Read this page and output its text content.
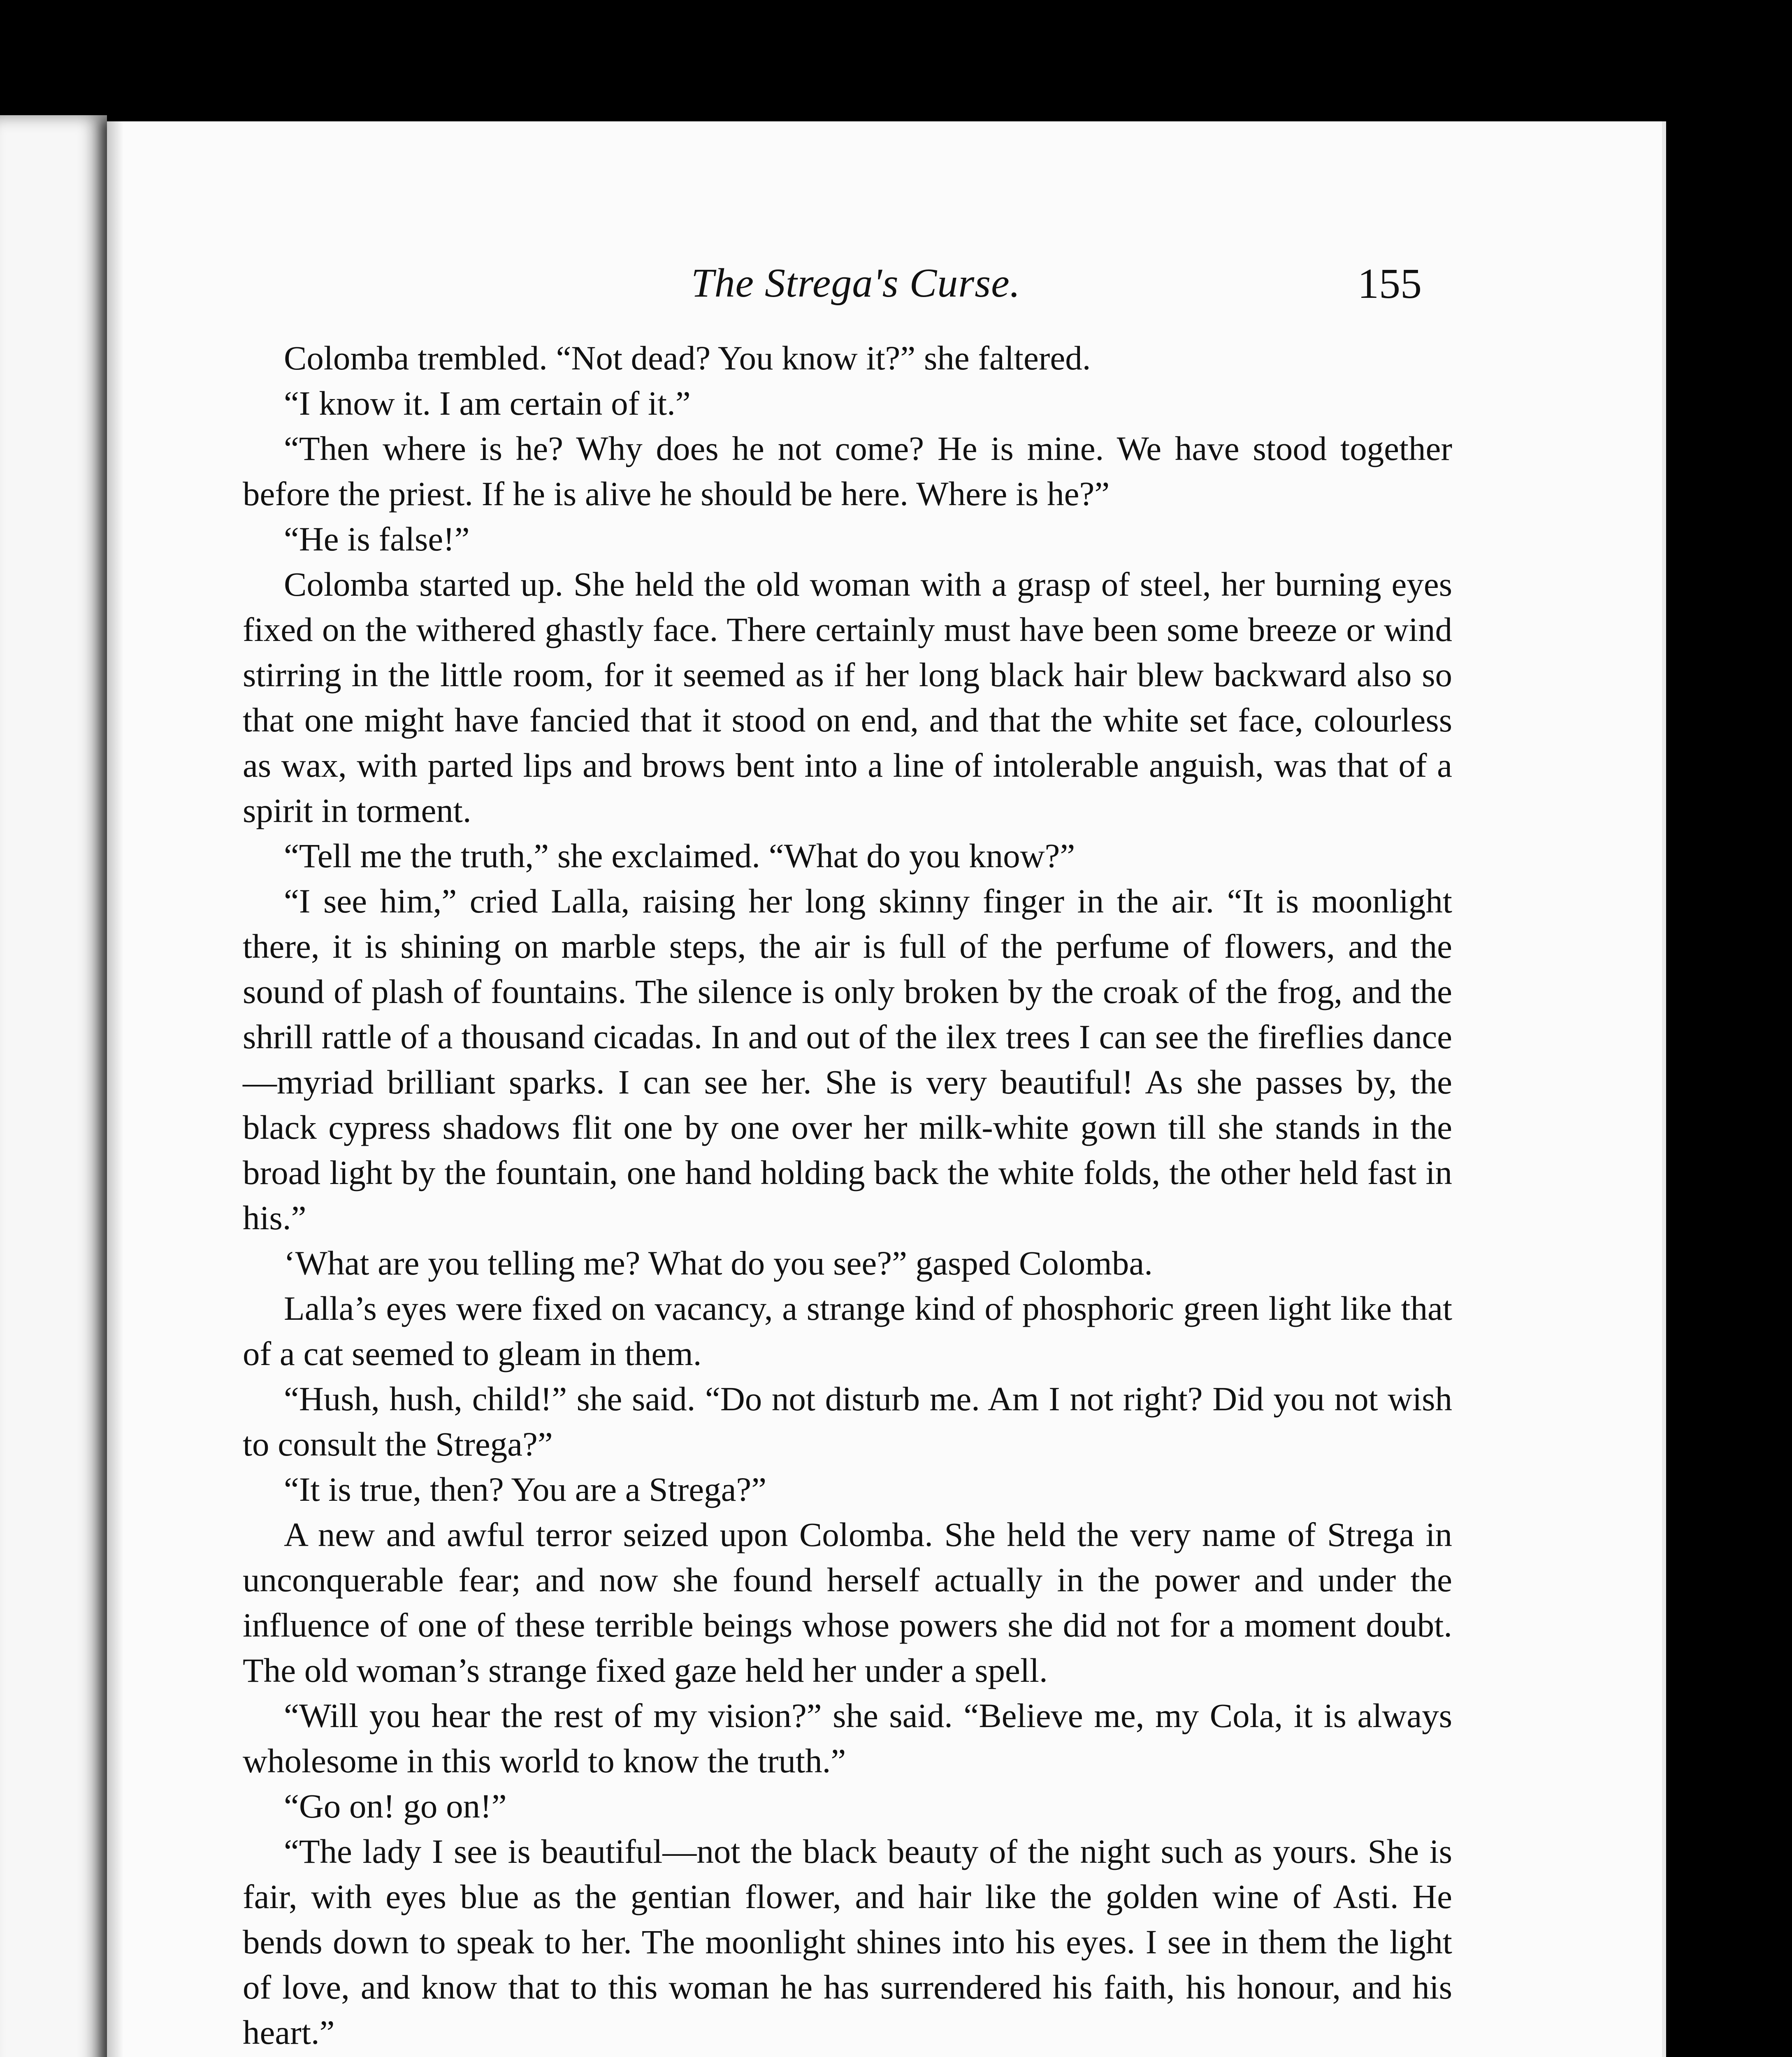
The Strega's Curse.	155

Colomba trembled. “Not dead? You know it?” she faltered.

“I know it. I am certain of it.”

“Then where is he? Why does he not come? He is mine. We have stood together before the priest. If he is alive he should be here. Where is he?”

“He is false!”

Colomba started up. She held the old woman with a grasp of steel, her burning eyes fixed on the withered ghastly face. There certainly must have been some breeze or wind stirring in the little room, for it seemed as if her long black hair blew backward also so that one might have fancied that it stood on end, and that the white set face, colourless as wax, with parted lips and brows bent into a line of intolerable anguish, was that of a spirit in torment.

“Tell me the truth,” she exclaimed. “What do you know?”

“I see him,” cried Lalla, raising her long skinny finger in the air. “It is moonlight there, it is shining on marble steps, the air is full of the perfume of flowers, and the sound of plash of fountains. The silence is only broken by the croak of the frog, and the shrill rattle of a thousand cicadas. In and out of the ilex trees I can see the fireflies dance—myriad brilliant sparks. I can see her. She is very beautiful! As she passes by, the black cypress shadows flit one by one over her milk-white gown till she stands in the broad light by the fountain, one hand holding back the white folds, the other held fast in his.”

‘What are you telling me? What do you see?” gasped Colomba.

Lalla’s eyes were fixed on vacancy, a strange kind of phosphoric green light like that of a cat seemed to gleam in them.

“Hush, hush, child!” she said. “Do not disturb me. Am I not right? Did you not wish to consult the Strega?”

“It is true, then? You are a Strega?”

A new and awful terror seized upon Colomba. She held the very name of Strega in unconquerable fear; and now she found herself actually in the power and under the influence of one of these terrible beings whose powers she did not for a moment doubt. The old woman’s strange fixed gaze held her under a spell.

“Will you hear the rest of my vision?” she said. “Believe me, my Cola, it is always wholesome in this world to know the truth.”

“Go on! go on!”

“The lady I see is beautiful—not the black beauty of the night such as yours. She is fair, with eyes blue as the gentian flower, and hair like the golden wine of Asti. He bends down to speak to her. The moonlight shines into his eyes. I see in them the light of love, and know that to this woman he has surrendered his faith, his honour, and his heart.”
